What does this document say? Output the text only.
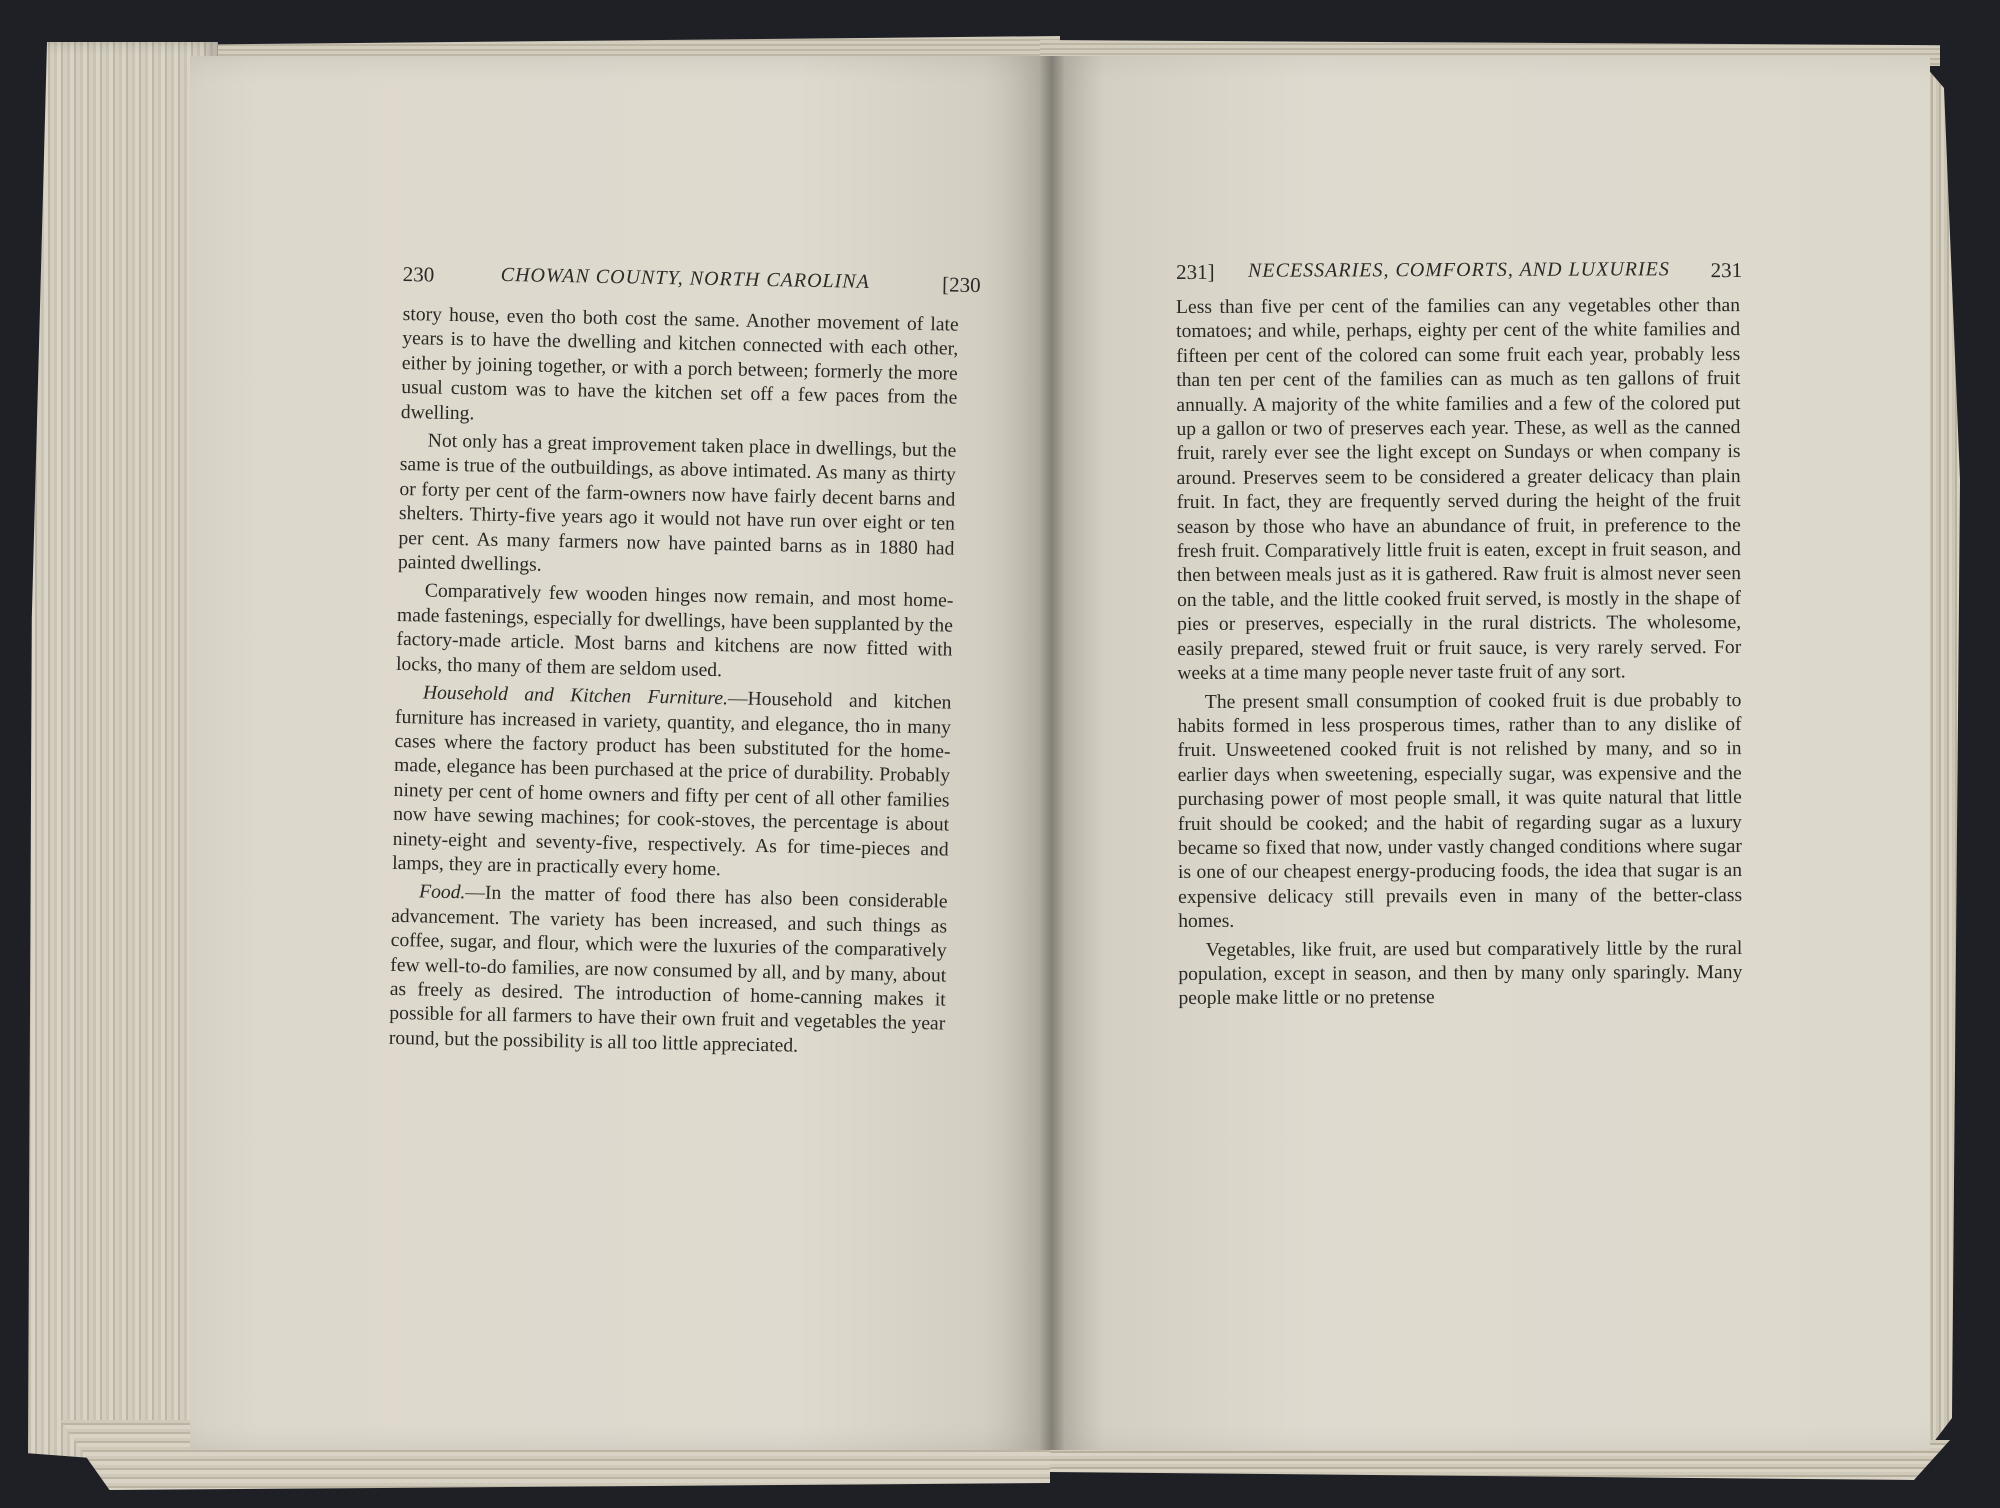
230	CHOWAN COUNTY, NORTH CAROLINA	[230

story house, even tho both cost the same. Another movement of late years is to have the dwelling and kitchen connected with each other, either by joining together, or with a porch between; formerly the more usual custom was to have the kitchen set off a few paces from the dwelling.

Not only has a great improvement taken place in dwellings, but the same is true of the outbuildings, as above intimated. As many as thirty or forty per cent of the farm-owners now have fairly decent barns and shelters. Thirty-five years ago it would not have run over eight or ten per cent. As many farmers now have painted barns as in 1880 had painted dwellings.

Comparatively few wooden hinges now remain, and most home-made fastenings, especially for dwellings, have been supplanted by the factory-made article. Most barns and kitchens are now fitted with locks, tho many of them are seldom used.

Household and Kitchen Furniture.—Household and kitchen furniture has increased in variety, quantity, and elegance, tho in many cases where the factory product has been substituted for the home-made, elegance has been purchased at the price of durability. Probably ninety per cent of home owners and fifty per cent of all other families now have sewing machines; for cook-stoves, the percentage is about ninety-eight and seventy-five, respectively. As for time-pieces and lamps, they are in practically every home.

Food.—In the matter of food there has also been considerable advancement. The variety has been increased, and such things as coffee, sugar, and flour, which were the luxuries of the comparatively few well-to-do families, are now consumed by all, and by many, about as freely as desired. The introduction of home-canning makes it possible for all farmers to have their own fruit and vegetables the year round, but the possibility is all too little appreciated.

231] NECESSARIES, COMFORTS, AND LUXURIES 231

Less than five per cent of the families can any vegetables other than tomatoes; and while, perhaps, eighty per cent of the white families and fifteen per cent of the colored can some fruit each year, probably less than ten per cent of the families can as much as ten gallons of fruit annually. A majority of the white families and a few of the colored put up a gallon or two of preserves each year. These, as well as the canned fruit, rarely ever see the light except on Sundays or when company is around. Preserves seem to be considered a greater delicacy than plain fruit. In fact, they are frequently served during the height of the fruit season by those who have an abundance of fruit, in preference to the fresh fruit. Comparatively little fruit is eaten, except in fruit season, and then between meals just as it is gathered. Raw fruit is almost never seen on the table, and the little cooked fruit served, is mostly in the shape of pies or preserves, especially in the rural districts. The wholesome, easily prepared, stewed fruit or fruit sauce, is very rarely served. For weeks at a time many people never taste fruit of any sort.

The present small consumption of cooked fruit is due probably to habits formed in less prosperous times, rather than to any dislike of fruit. Unsweetened cooked fruit is not relished by many, and so in earlier days when sweetening, especially sugar, was expensive and the purchasing power of most people small, it was quite natural that little fruit should be cooked; and the habit of regarding sugar as a luxury became so fixed that now, under vastly changed conditions where sugar is one of our cheapest energy-producing foods, the idea that sugar is an expensive delicacy still prevails even in many of the better-class homes.

Vegetables, like fruit, are used but comparatively little by the rural population, except in season, and then by many only sparingly. Many people make little or no pretense
